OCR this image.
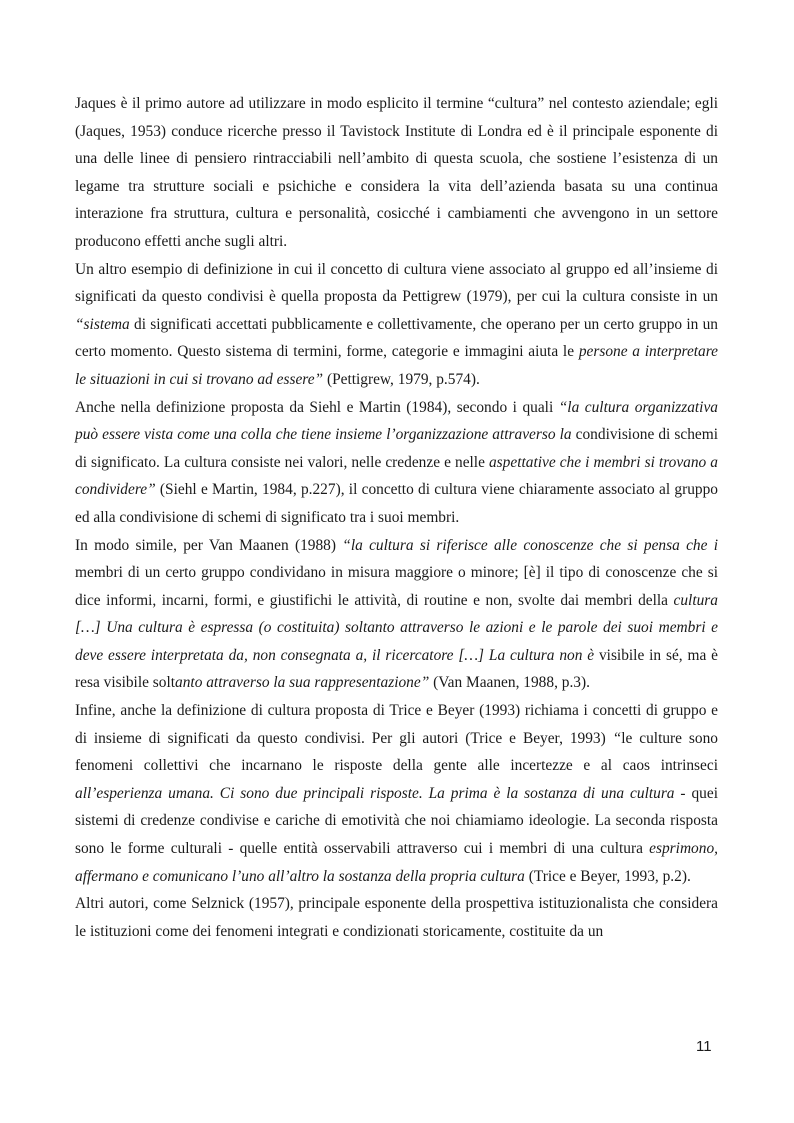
Jaques è il primo autore ad utilizzare in modo esplicito il termine “cultura” nel contesto aziendale; egli (Jaques, 1953) conduce ricerche presso il Tavistock Institute di Londra ed è il principale esponente di una delle linee di pensiero rintracciabili nell’ambito di questa scuola, che sostiene l’esistenza di un legame tra strutture sociali e psichiche e considera la vita dell’azienda basata su una continua interazione fra struttura, cultura e personalità, cosicché i cambiamenti che avvengono in un settore producono effetti anche sugli altri.

Un altro esempio di definizione in cui il concetto di cultura viene associato al gruppo ed all’insieme di significati da questo condivisi è quella proposta da Pettigrew (1979), per cui la cultura consiste in un “sistema di significati accettati pubblicamente e collettivamente, che operano per un certo gruppo in un certo momento. Questo sistema di termini, forme, categorie e immagini aiuta le persone a interpretare le situazioni in cui si trovano ad essere” (Pettigrew, 1979, p.574).

Anche nella definizione proposta da Siehl e Martin (1984), secondo i quali “la cultura organizzativa può essere vista come una colla che tiene insieme l’organizzazione attraverso la condivisione di schemi di significato. La cultura consiste nei valori, nelle credenze e nelle aspettative che i membri si trovano a condividere” (Siehl e Martin, 1984, p.227), il concetto di cultura viene chiaramente associato al gruppo ed alla condivisione di schemi di significato tra i suoi membri.

In modo simile, per Van Maanen (1988) “la cultura si riferisce alle conoscenze che si pensa che i membri di un certo gruppo condividano in misura maggiore o minore; [è] il tipo di conoscenze che si dice informi, incarni, formi, e giustifichi le attività, di routine e non, svolte dai membri della cultura […] Una cultura è espressa (o costituita) soltanto attraverso le azioni e le parole dei suoi membri e deve essere interpretata da, non consegnata a, il ricercatore […] La cultura non è visibile in sé, ma è resa visibile soltanto attraverso la sua rappresentazione” (Van Maanen, 1988, p.3).

Infine, anche la definizione di cultura proposta di Trice e Beyer (1993) richiama i concetti di gruppo e di insieme di significati da questo condivisi. Per gli autori (Trice e Beyer, 1993) “le culture sono fenomeni collettivi che incarnano le risposte della gente alle incertezze e al caos intrinseci all’esperienza umana. Ci sono due principali risposte. La prima è la sostanza di una cultura - quei sistemi di credenze condivise e cariche di emotività che noi chiamiamo ideologie. La seconda risposta sono le forme culturali - quelle entità osservabili attraverso cui i membri di una cultura esprimono, affermano e comunicano l’uno all’altro la sostanza della propria cultura (Trice e Beyer, 1993, p.2).

Altri autori, come Selznick (1957), principale esponente della prospettiva istituzionalista che considera le istituzioni come dei fenomeni integrati e condizionati storicamente, costituite da un

11
